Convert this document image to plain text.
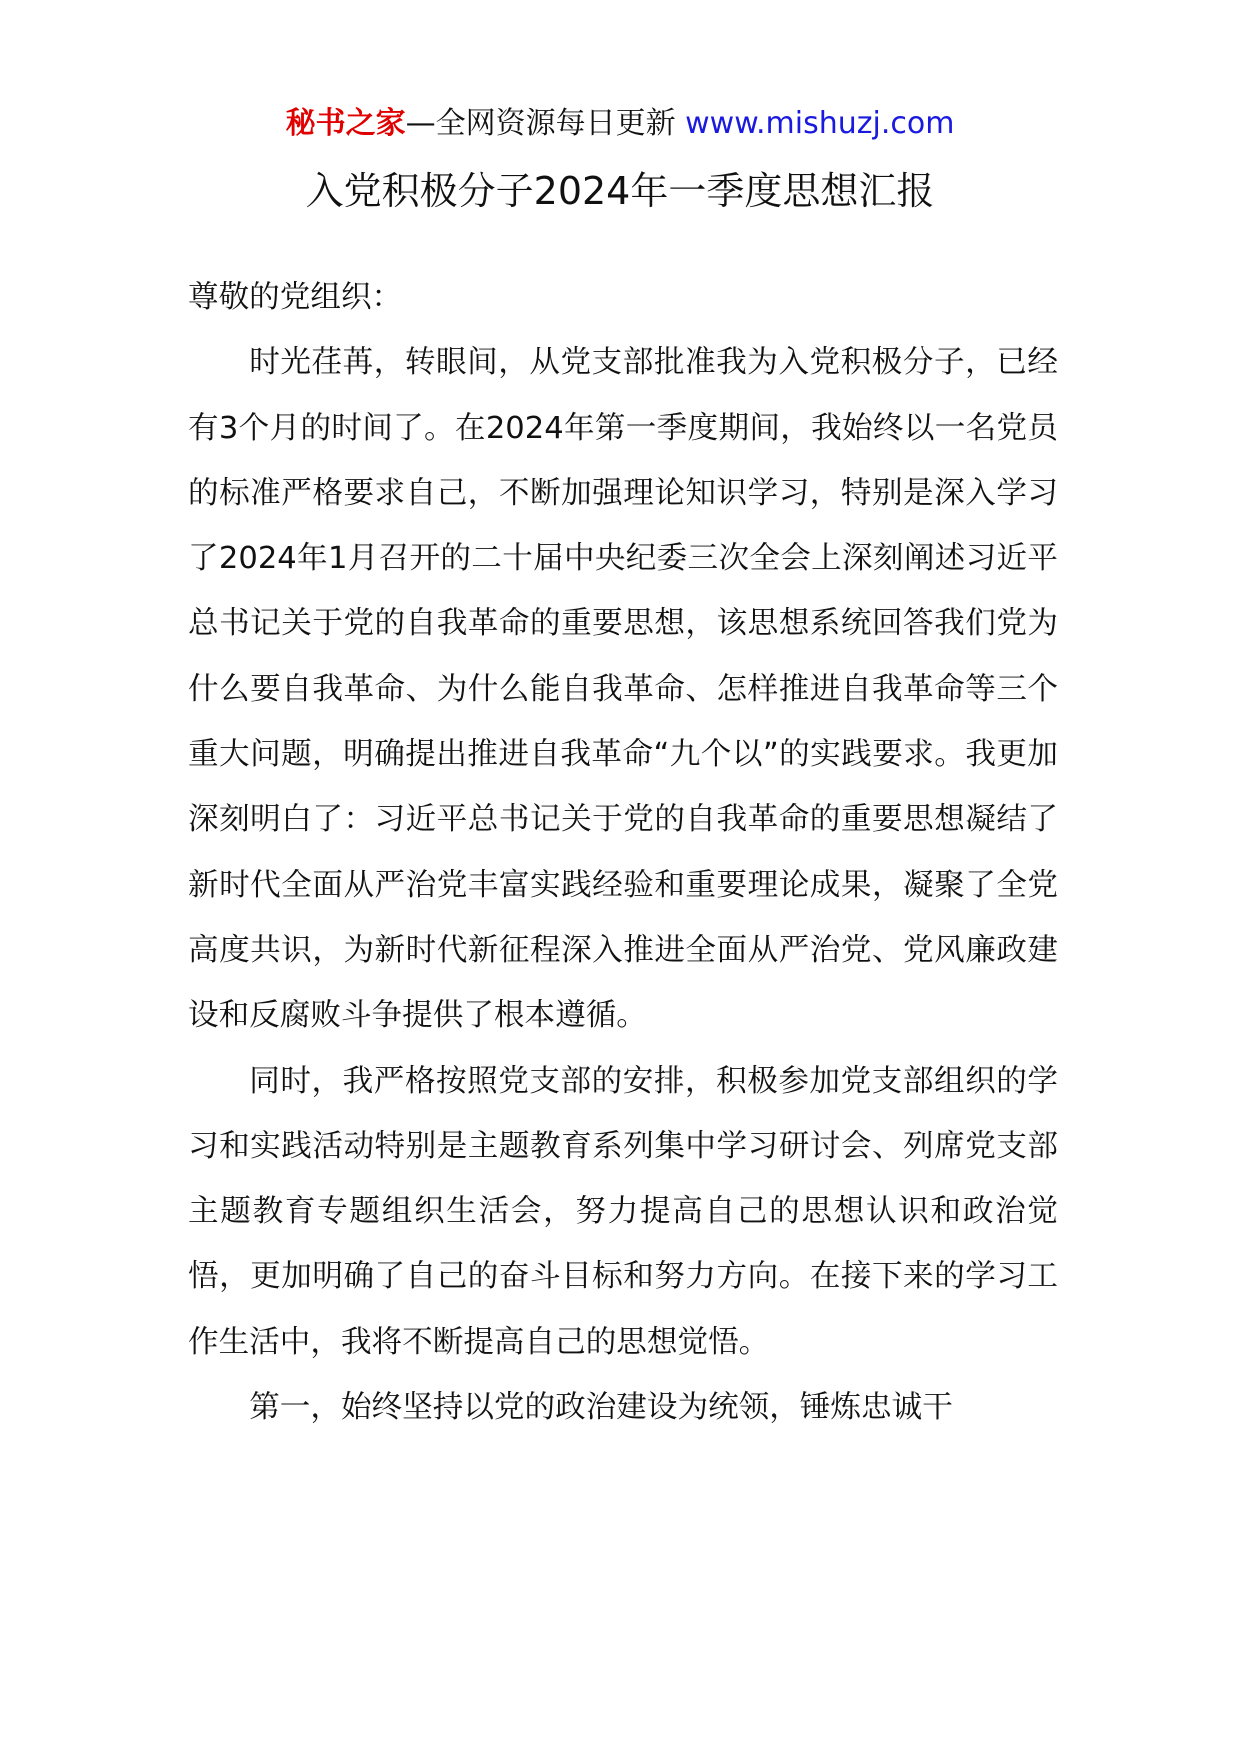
秘书之家—全网资源每日更新 www.mishuzj.com
入党积极分子2024年一季度思想汇报

尊敬的党组织：

时光荏苒，转眼间，从党支部批准我为入党积极分子，已经有3个月的时间了。在2024年第一季度期间，我始终以一名党员的标准严格要求自己，不断加强理论知识学习，特别是深入学习了2024年1月召开的二十届中央纪委三次全会上深刻阐述习近平总书记关于党的自我革命的重要思想，该思想系统回答我们党为什么要自我革命、为什么能自我革命、怎样推进自我革命等三个重大问题，明确提出推进自我革命“九个以”的实践要求。我更加深刻明白了：习近平总书记关于党的自我革命的重要思想凝结了新时代全面从严治党丰富实践经验和重要理论成果，凝聚了全党高度共识，为新时代新征程深入推进全面从严治党、党风廉政建设和反腐败斗争提供了根本遵循。

同时，我严格按照党支部的安排，积极参加党支部组织的学习和实践活动特别是主题教育系列集中学习研讨会、列席党支部主题教育专题组织生活会，努力提高自己的思想认识和政治觉悟，更加明确了自己的奋斗目标和努力方向。在接下来的学习工作生活中，我将不断提高自己的思想觉悟。

第一，始终坚持以党的政治建设为统领，锤炼忠诚干
